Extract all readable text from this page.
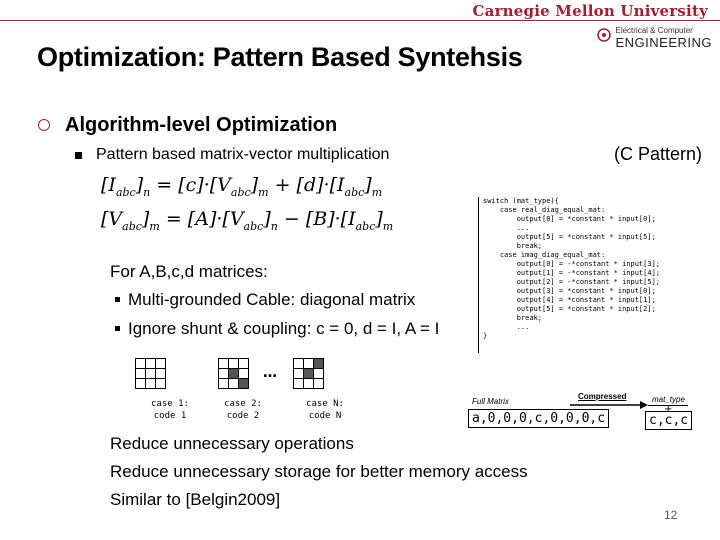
Carnegie Mellon University
Electrical & Computer
ENGINEERING
Optimization: Pattern Based Syntehsis
Algorithm-level Optimization
Pattern based matrix-vector multiplication	(C Pattern)
$[I_{abc}]_n = [c]\cdot[V_{abc}]_m + [d]\cdot[I_{abc}]_m$
$[V_{abc}]_m = [A]\cdot[V_{abc}]_n - [B]\cdot[I_{abc}]_m$
For A,B,c,d matrices:
Multi-grounded Cable: diagonal matrix
Ignore shunt & coupling: c = 0, d = I, A = I
switch (mat_type){
case real_diag_equal_mat:
output[0] = *constant * input[0];
...
output[5] = *constant * input[5];
break;
case imag_diag_equal_mat:
output[0] = -*constant * input[3];
output[1] = -*constant * input[4];
output[2] = -*constant * input[5];
output[3] = *constant * input[0];
output[4] = *constant * input[1];
output[5] = *constant * input[2];
break;
...
}

…

case 1:
code 1
case 2:
code 2
case N:
code N
Full Matrix
a,0,0,0,c,0,0,0,c
Compressed	mat_type
+
c,c,c
Reduce unnecessary operations
Reduce unnecessary storage for better memory access
Similar to [Belgin2009]
12
